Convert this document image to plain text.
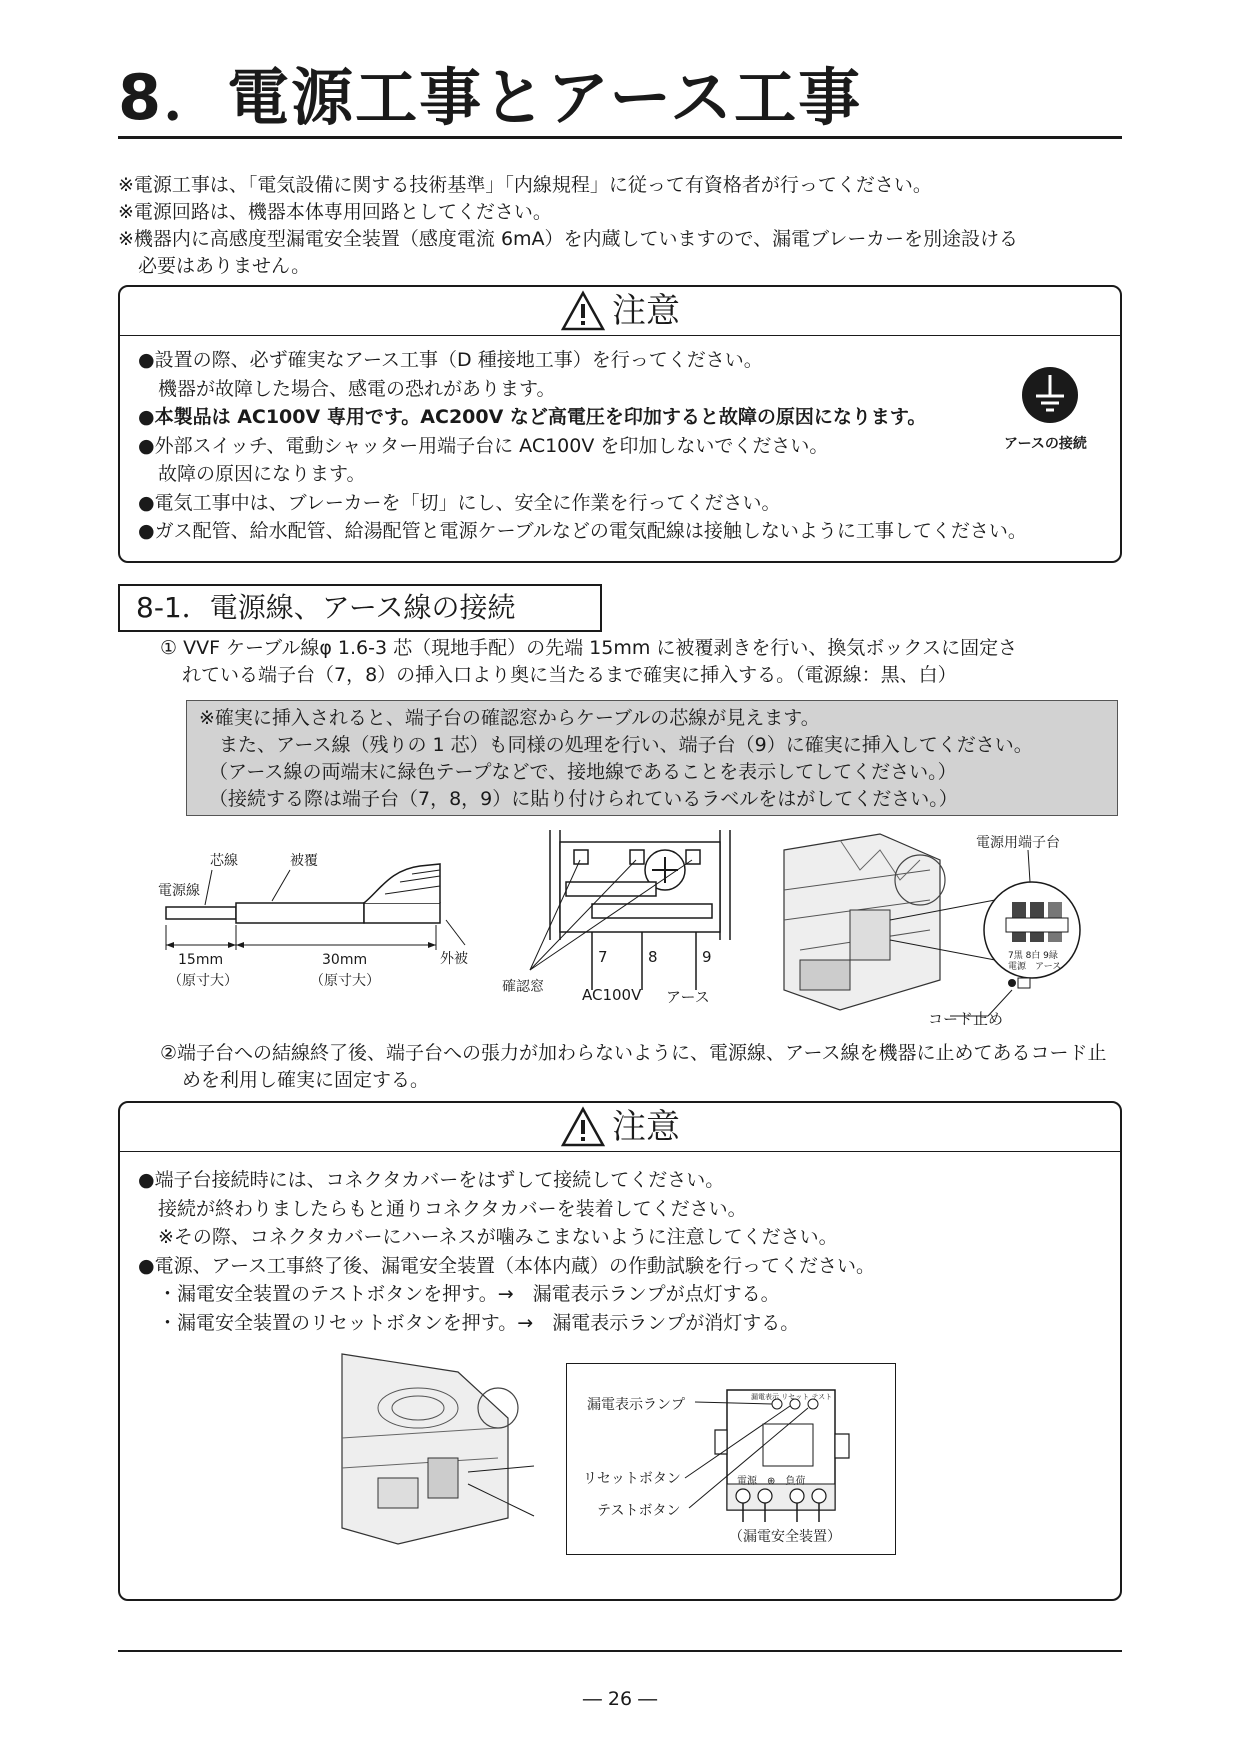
8．電源工事とアース工事
※電源工事は、「電気設備に関する技術基準」「内線規程」に従って有資格者が行ってください。
※電源回路は、機器本体専用回路としてください。
※機器内に高感度型漏電安全装置（感度電流 6mA）を内蔵していますので、漏電ブレーカーを別途設ける
必要はありません。
注意
●設置の際、必ず確実なアース工事（D 種接地工事）を行ってください。
機器が故障した場合、感電の恐れがあります。
●本製品は AC100V 専用です。AC200V など高電圧を印加すると故障の原因になります。
●外部スイッチ、電動シャッター用端子台に AC100V を印加しないでください。
故障の原因になります。
●電気工事中は、ブレーカーを「切」にし、安全に作業を行ってください。
●ガス配管、給水配管、給湯配管と電源ケーブルなどの電気配線は接触しないように工事してください。
アースの接続
8-1．電源線、アース線の接続
① VVF ケーブル線φ 1.6-3 芯（現地手配）の先端 15mm に被覆剥きを行い、換気ボックスに固定さ
れている端子台（7，8）の挿入口より奥に当たるまで確実に挿入する。（電源線：黒、白）
※確実に挿入されると、端子台の確認窓からケーブルの芯線が見えます。
また、アース線（残りの 1 芯）も同様の処理を行い、端子台（9）に確実に挿入してください。
（アース線の両端末に緑色テープなどで、接地線であることを表示してしてください。）
（接続する際は端子台（7，8，9）に貼り付けられているラベルをはがしてください。）
芯線	被覆
電源線
15mm
（原寸大）
30mm
（原寸大）
外被	7	8	9
確認窓	AC100V アース
電源用端子台
7黒 8白 9緑
電源　アース
コード止め
②端子台への結線終了後、端子台への張力が加わらないように、電源線、アース線を機器に止めてあるコード止
めを利用し確実に固定する。
注意
●端子台接続時には、コネクタカバーをはずして接続してください。
接続が終わりましたらもと通りコネクタカバーを装着してください。
※その際、コネクタカバーにハーネスが噛みこまないように注意してください。
●電源、アース工事終了後、漏電安全装置（本体内蔵）の作動試験を行ってください。
・漏電安全装置のテストボタンを押す。→　漏電表示ランプが点灯する。
・漏電安全装置のリセットボタンを押す。→　漏電表示ランプが消灯する。
漏電表示ランプ
リセットボタン
テストボタン
漏電表示 リセット テスト
電源　⊕　負荷
（漏電安全装置）
― 26 ―
